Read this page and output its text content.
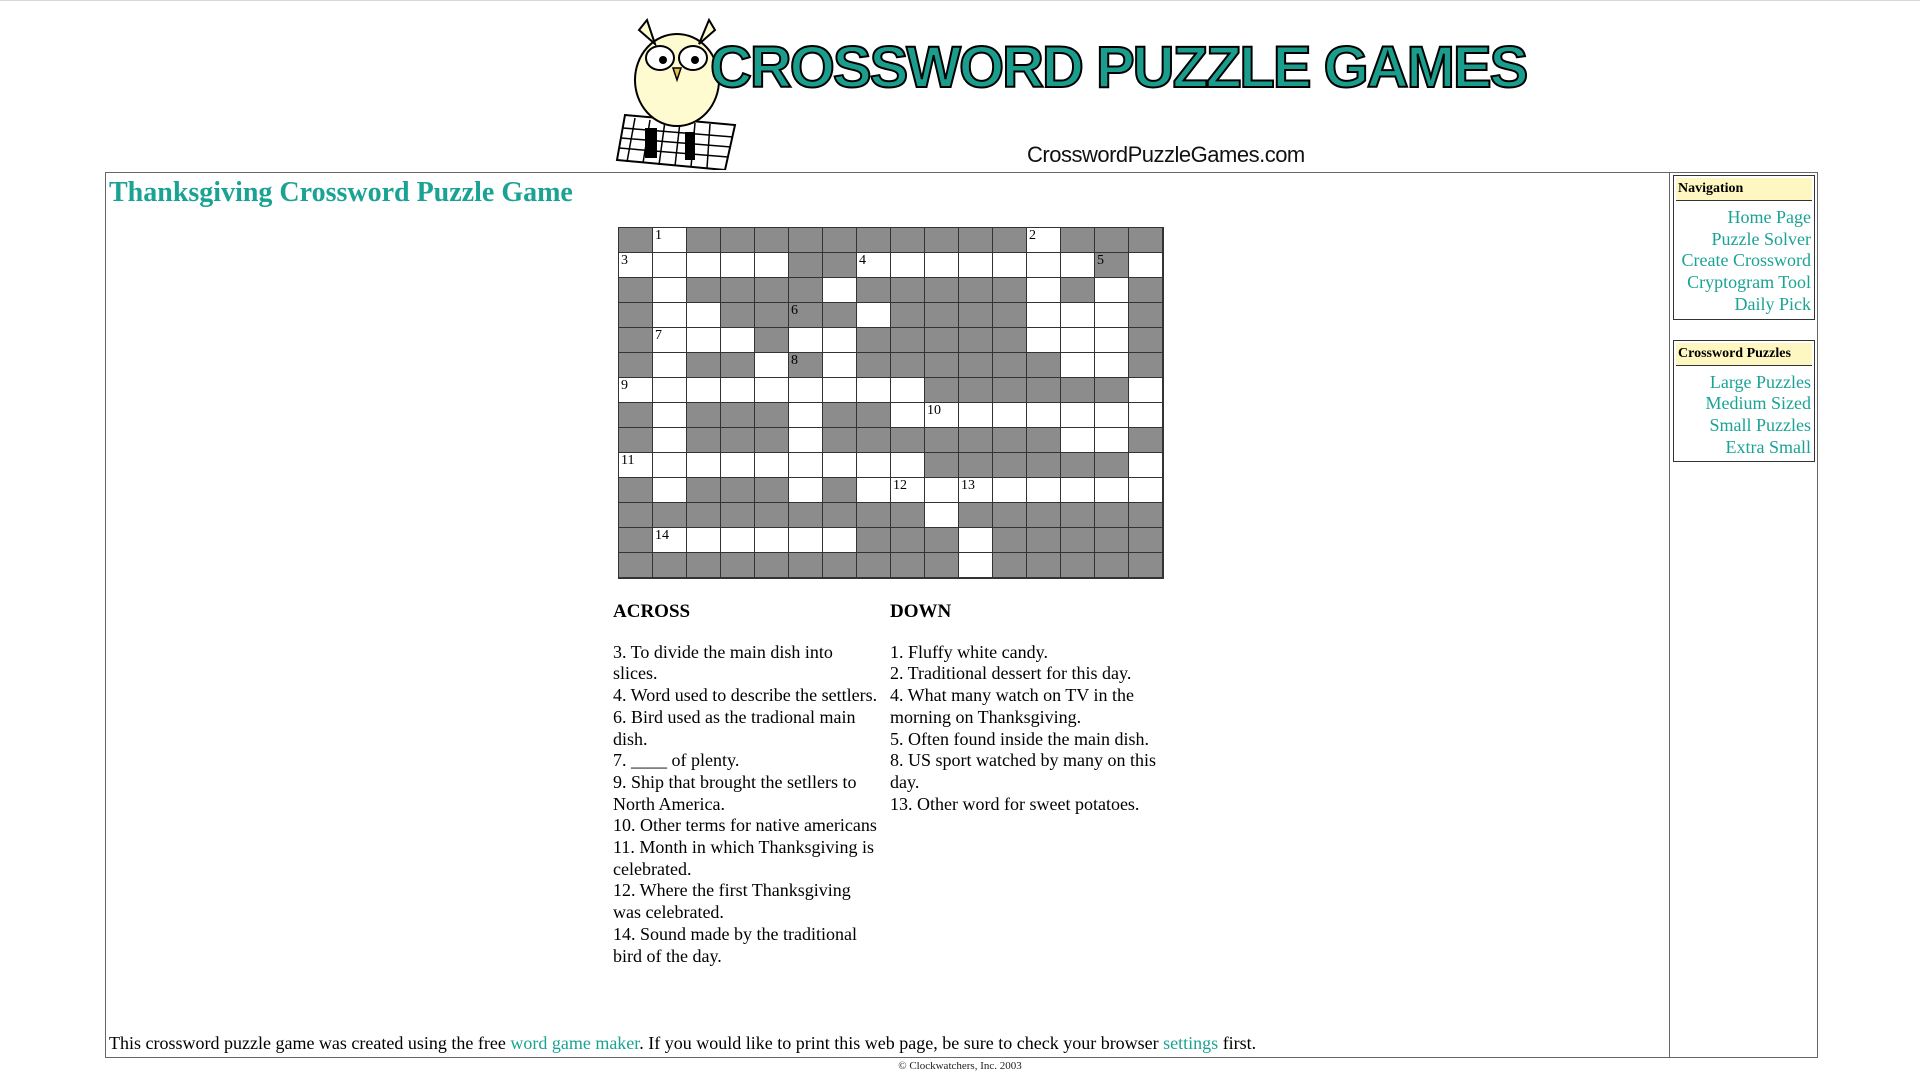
CROSSWORD PUZZLE GAMES
CrosswordPuzzleGames.com
Thanksgiving Crossword Puzzle Game
1	2
3	4	5
6
7
8
9
10
11
12	13
14
ACROSS
3. To divide the main dish into slices.
4. Word used to describe the settlers.
6. Bird used as the tradional main dish.
7. ____ of plenty.
9. Ship that brought the setllers to North America.
10. Other terms for native americans
11. Month in which Thanksgiving is celebrated.
12. Where the first Thanksgiving was celebrated.
14. Sound made by the traditional bird of the day.
DOWN
1. Fluffy white candy.
2. Traditional dessert for this day.
4. What many watch on TV in the morning on Thanksgiving.
5. Often found inside the main dish.
8. US sport watched by many on this day.
13. Other word for sweet potatoes.
This crossword puzzle game was created using the free word game maker. If you would like to print this web page, be sure to check your browser settings first.
Navigation
Home Page
Puzzle Solver
Create Crossword
Cryptogram Tool
Daily Pick
Crossword Puzzles
Large Puzzles
Medium Sized
Small Puzzles
Extra Small
© Clockwatchers, Inc. 2003
